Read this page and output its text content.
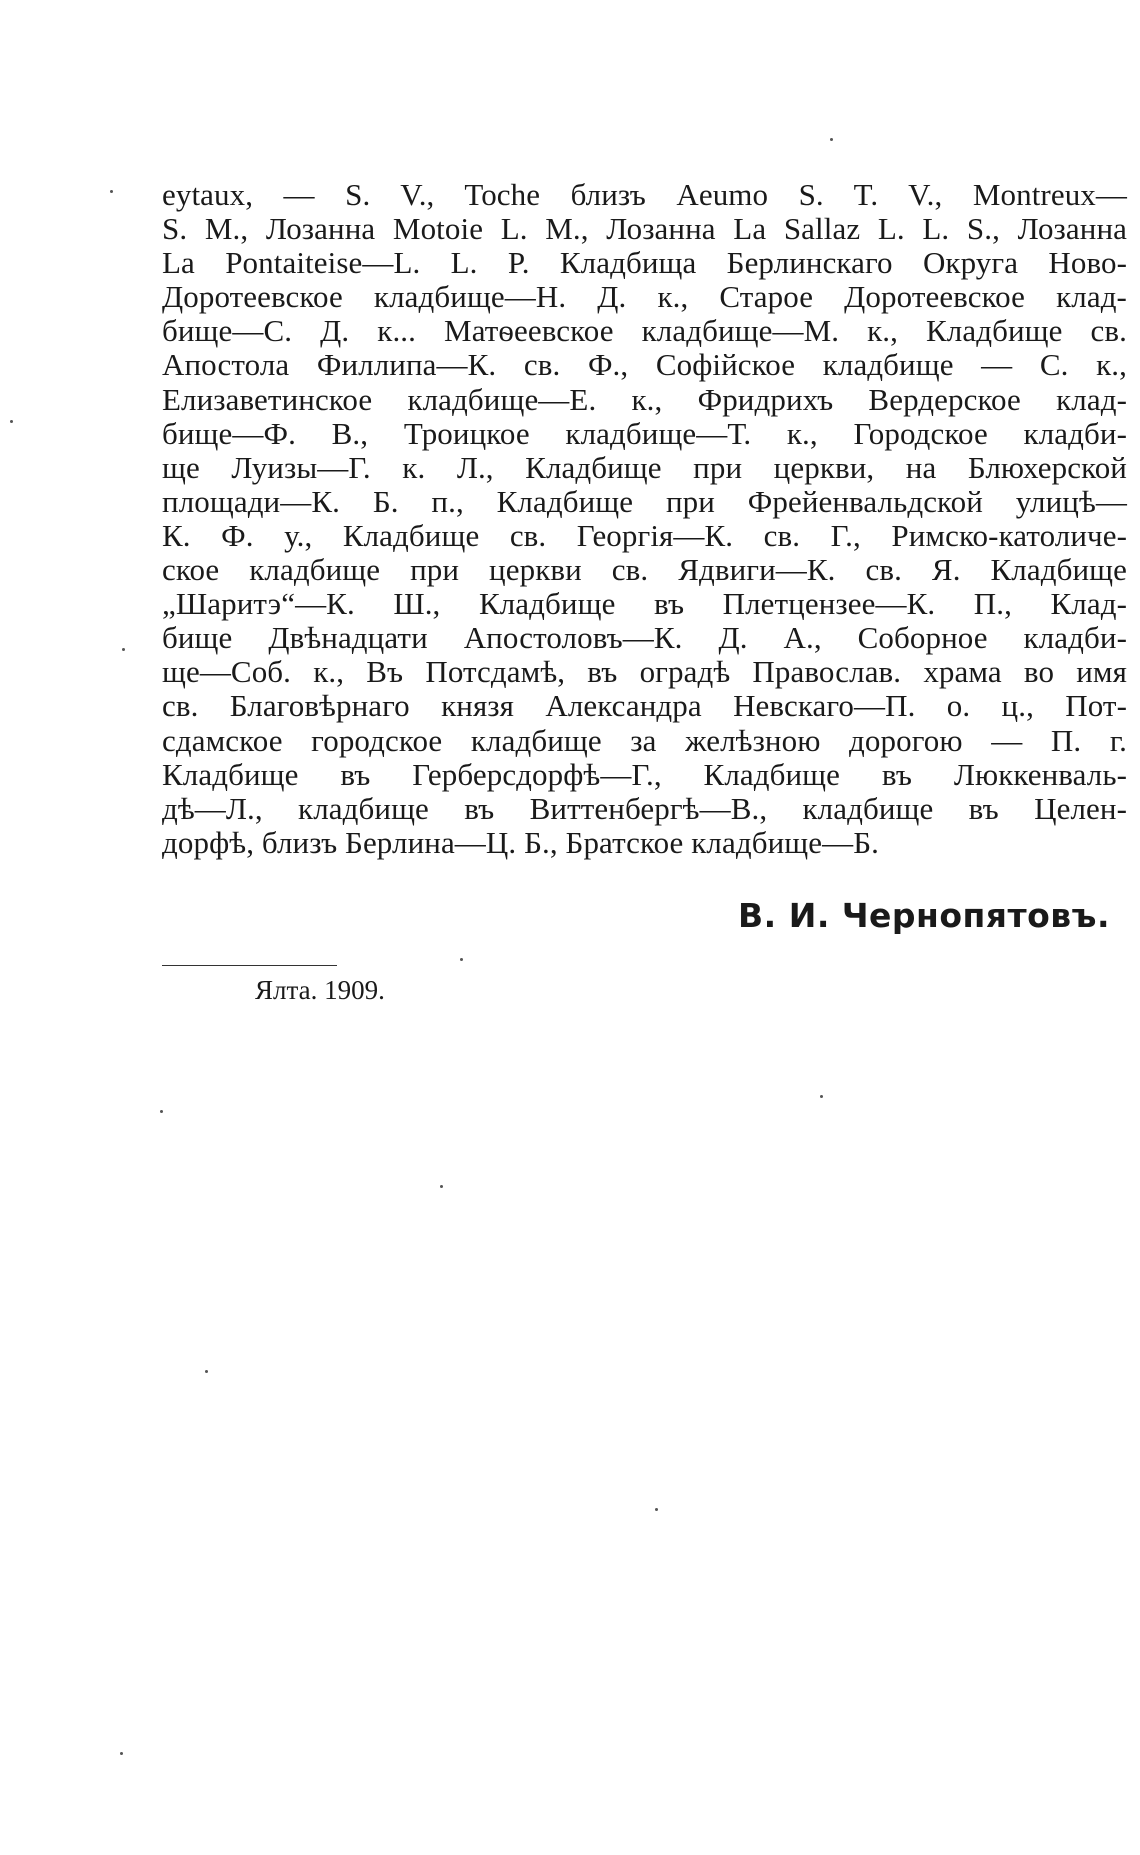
eytaux, — S. V., Toche близъ Aeumo S. T. V., Montreux—
S. M., Лозанна Motoie L. M., Лозанна La Sallaz L. L. S., Лозанна
La Pontaiteise—L. L. P. Кладбища Берлинскаго Округа Ново-
Доротеевское кладбище—Н. Д. к., Старое Доротеевское клад-
бище—С. Д. к... Матѳеевское кладбище—М. к., Кладбище св.
Апостола Филлипа—К. св. Ф., Софійское кладбище — С. к.,
Елизаветинское кладбище—Е. к., Фридрихъ Вердерское клад-
бище—Ф. В., Троицкое кладбище—Т. к., Городское кладби-
ще Луизы—Г. к. Л., Кладбище при церкви, на Блюхерской
площади—К. Б. п., Кладбище при Фрейенвальдской улицѣ—
К. Ф. у., Кладбище св. Георгія—К. св. Г., Римско-католиче-
ское кладбище при церкви св. Ядвиги—К. св. Я. Кладбище
„Шаритэ“—К. Ш., Кладбище въ Плетцензее—К. П., Клад-
бище Двѣнадцати Апостоловъ—К. Д. А., Соборное кладби-
ще—Соб. к., Въ Потсдамѣ, въ оградѣ Православ. храма во имя
св. Благовѣрнаго князя Александра Невскаго—П. о. ц., Пот-
сдамское городское кладбище за желѣзною дорогою — П. г.
Кладбище въ Герберсдорфѣ—Г., Кладбище въ Люккенваль-
дѣ—Л., кладбище въ Виттенбергѣ—В., кладбище въ Целен-
дорфѣ, близъ Берлина—Ц. Б., Братское кладбище—Б.
В. И. Чернопятовъ.
Ялта. 1909.
